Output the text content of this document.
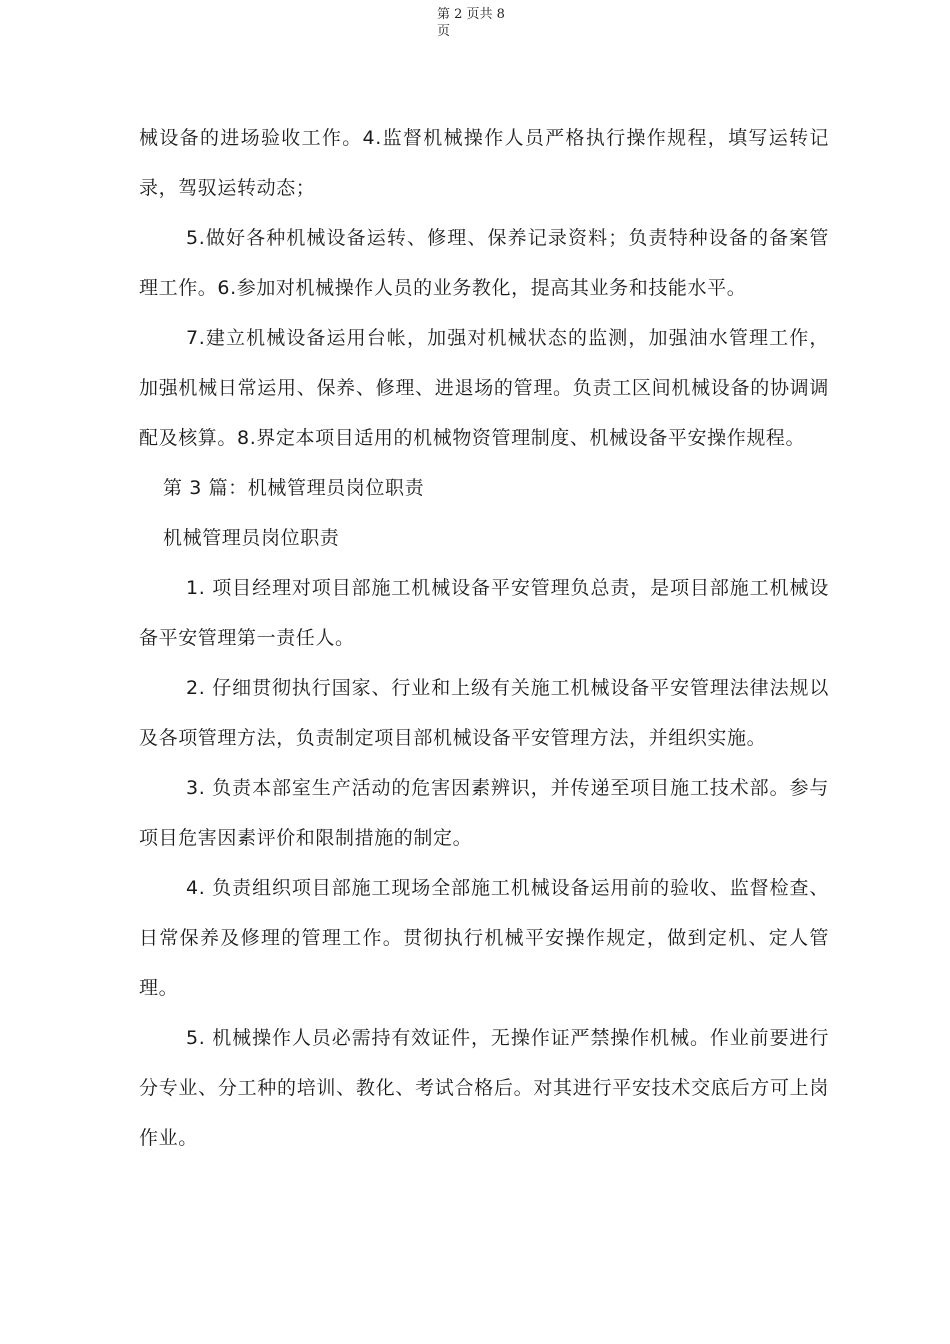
第 2 页共 8
页

械设备的进场验收工作。4.监督机械操作人员严格执行操作规程，填写运转记录，驾驭运转动态；

5.做好各种机械设备运转、修理、保养记录资料；负责特种设备的备案管理工作。6.参加对机械操作人员的业务教化，提高其业务和技能水平。

7.建立机械设备运用台帐，加强对机械状态的监测，加强油水管理工作，加强机械日常运用、保养、修理、进退场的管理。负责工区间机械设备的协调调配及核算。8.界定本项目适用的机械物资管理制度、机械设备平安操作规程。

第 3 篇：机械管理员岗位职责

机械管理员岗位职责

1. 项目经理对项目部施工机械设备平安管理负总责，是项目部施工机械设备平安管理第一责任人。

2. 仔细贯彻执行国家、行业和上级有关施工机械设备平安管理法律法规以及各项管理方法，负责制定项目部机械设备平安管理方法，并组织实施。

3. 负责本部室生产活动的危害因素辨识，并传递至项目施工技术部。参与项目危害因素评价和限制措施的制定。

4. 负责组织项目部施工现场全部施工机械设备运用前的验收、监督检查、日常保养及修理的管理工作。贯彻执行机械平安操作规定，做到定机、定人管理。

5. 机械操作人员必需持有效证件，无操作证严禁操作机械。作业前要进行分专业、分工种的培训、教化、考试合格后。对其进行平安技术交底后方可上岗作业。
